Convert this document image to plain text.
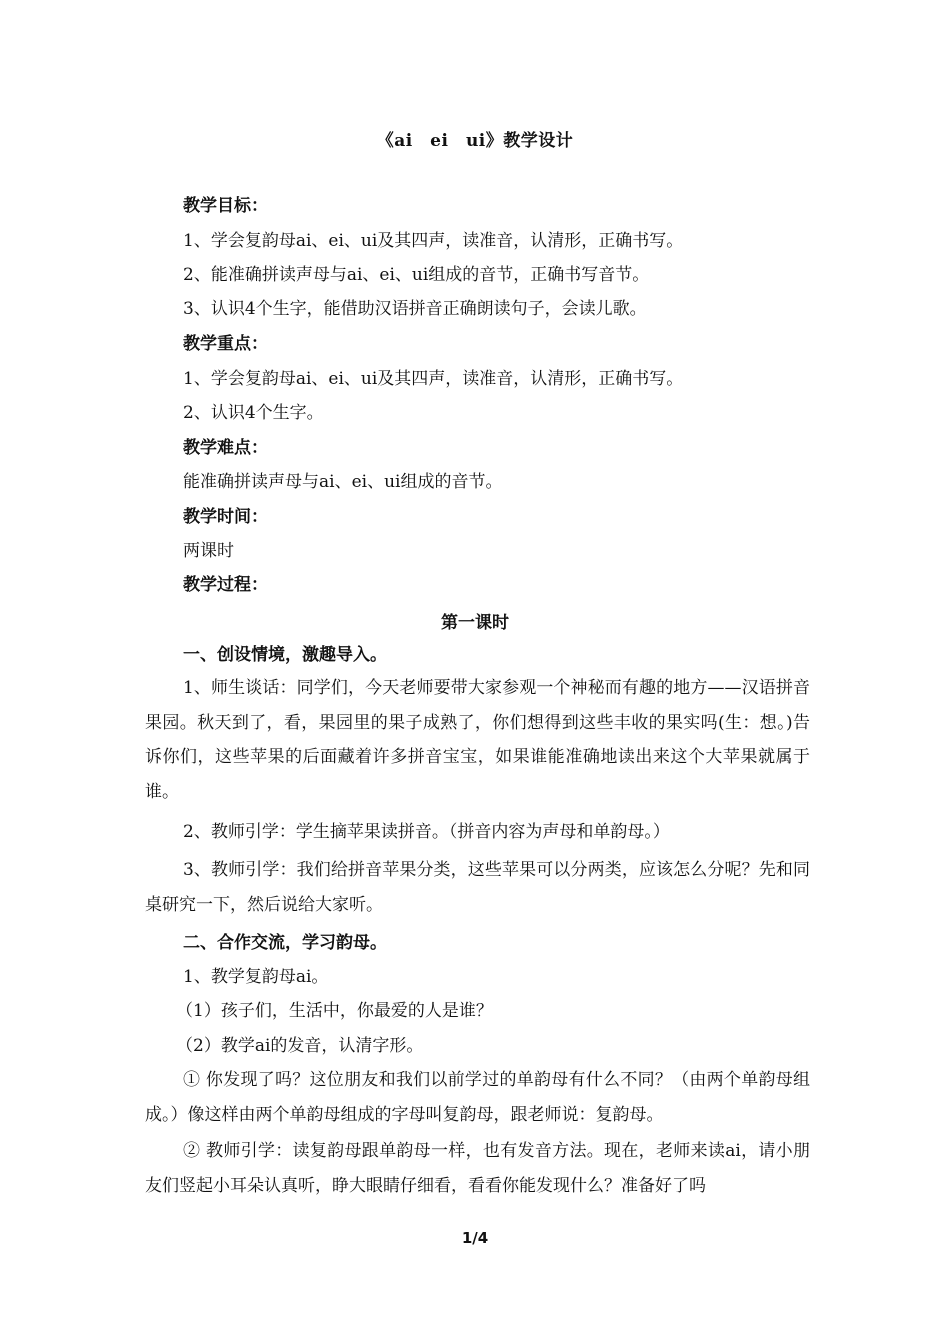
《ai　ei　ui》教学设计
教学目标：
1、学会复韵母ai、ei、ui及其四声，读准音，认清形，正确书写。
2、能准确拼读声母与ai、ei、ui组成的音节，正确书写音节。
3、认识4个生字，能借助汉语拼音正确朗读句子，会读儿歌。
教学重点：
1、学会复韵母ai、ei、ui及其四声，读准音，认清形，正确书写。
2、认识4个生字。
教学难点：
能准确拼读声母与ai、ei、ui组成的音节。
教学时间：
两课时
教学过程：
第一课时
一、创设情境，激趣导入。
1、师生谈话：同学们，今天老师要带大家参观一个神秘而有趣的地方——汉语拼音果园。秋天到了，看，果园里的果子成熟了，你们想得到这些丰收的果实吗(生：想。)告诉你们，这些苹果的后面藏着许多拼音宝宝，如果谁能准确地读出来这个大苹果就属于谁。
2、教师引学：学生摘苹果读拼音。（拼音内容为声母和单韵母。）
3、教师引学：我们给拼音苹果分类，这些苹果可以分两类，应该怎么分呢？先和同桌研究一下，然后说给大家听。
二、合作交流，学习韵母。
1、教学复韵母ai。
（1）孩子们，生活中，你最爱的人是谁？
（2）教学ai的发音，认清字形。
① 你发现了吗？这位朋友和我们以前学过的单韵母有什么不同？（由两个单韵母组成。）像这样由两个单韵母组成的字母叫复韵母，跟老师说：复韵母。
② 教师引学：读复韵母跟单韵母一样，也有发音方法。现在，老师来读ai，请小朋友们竖起小耳朵认真听，睁大眼睛仔细看，看看你能发现什么？准备好了吗
1/4
